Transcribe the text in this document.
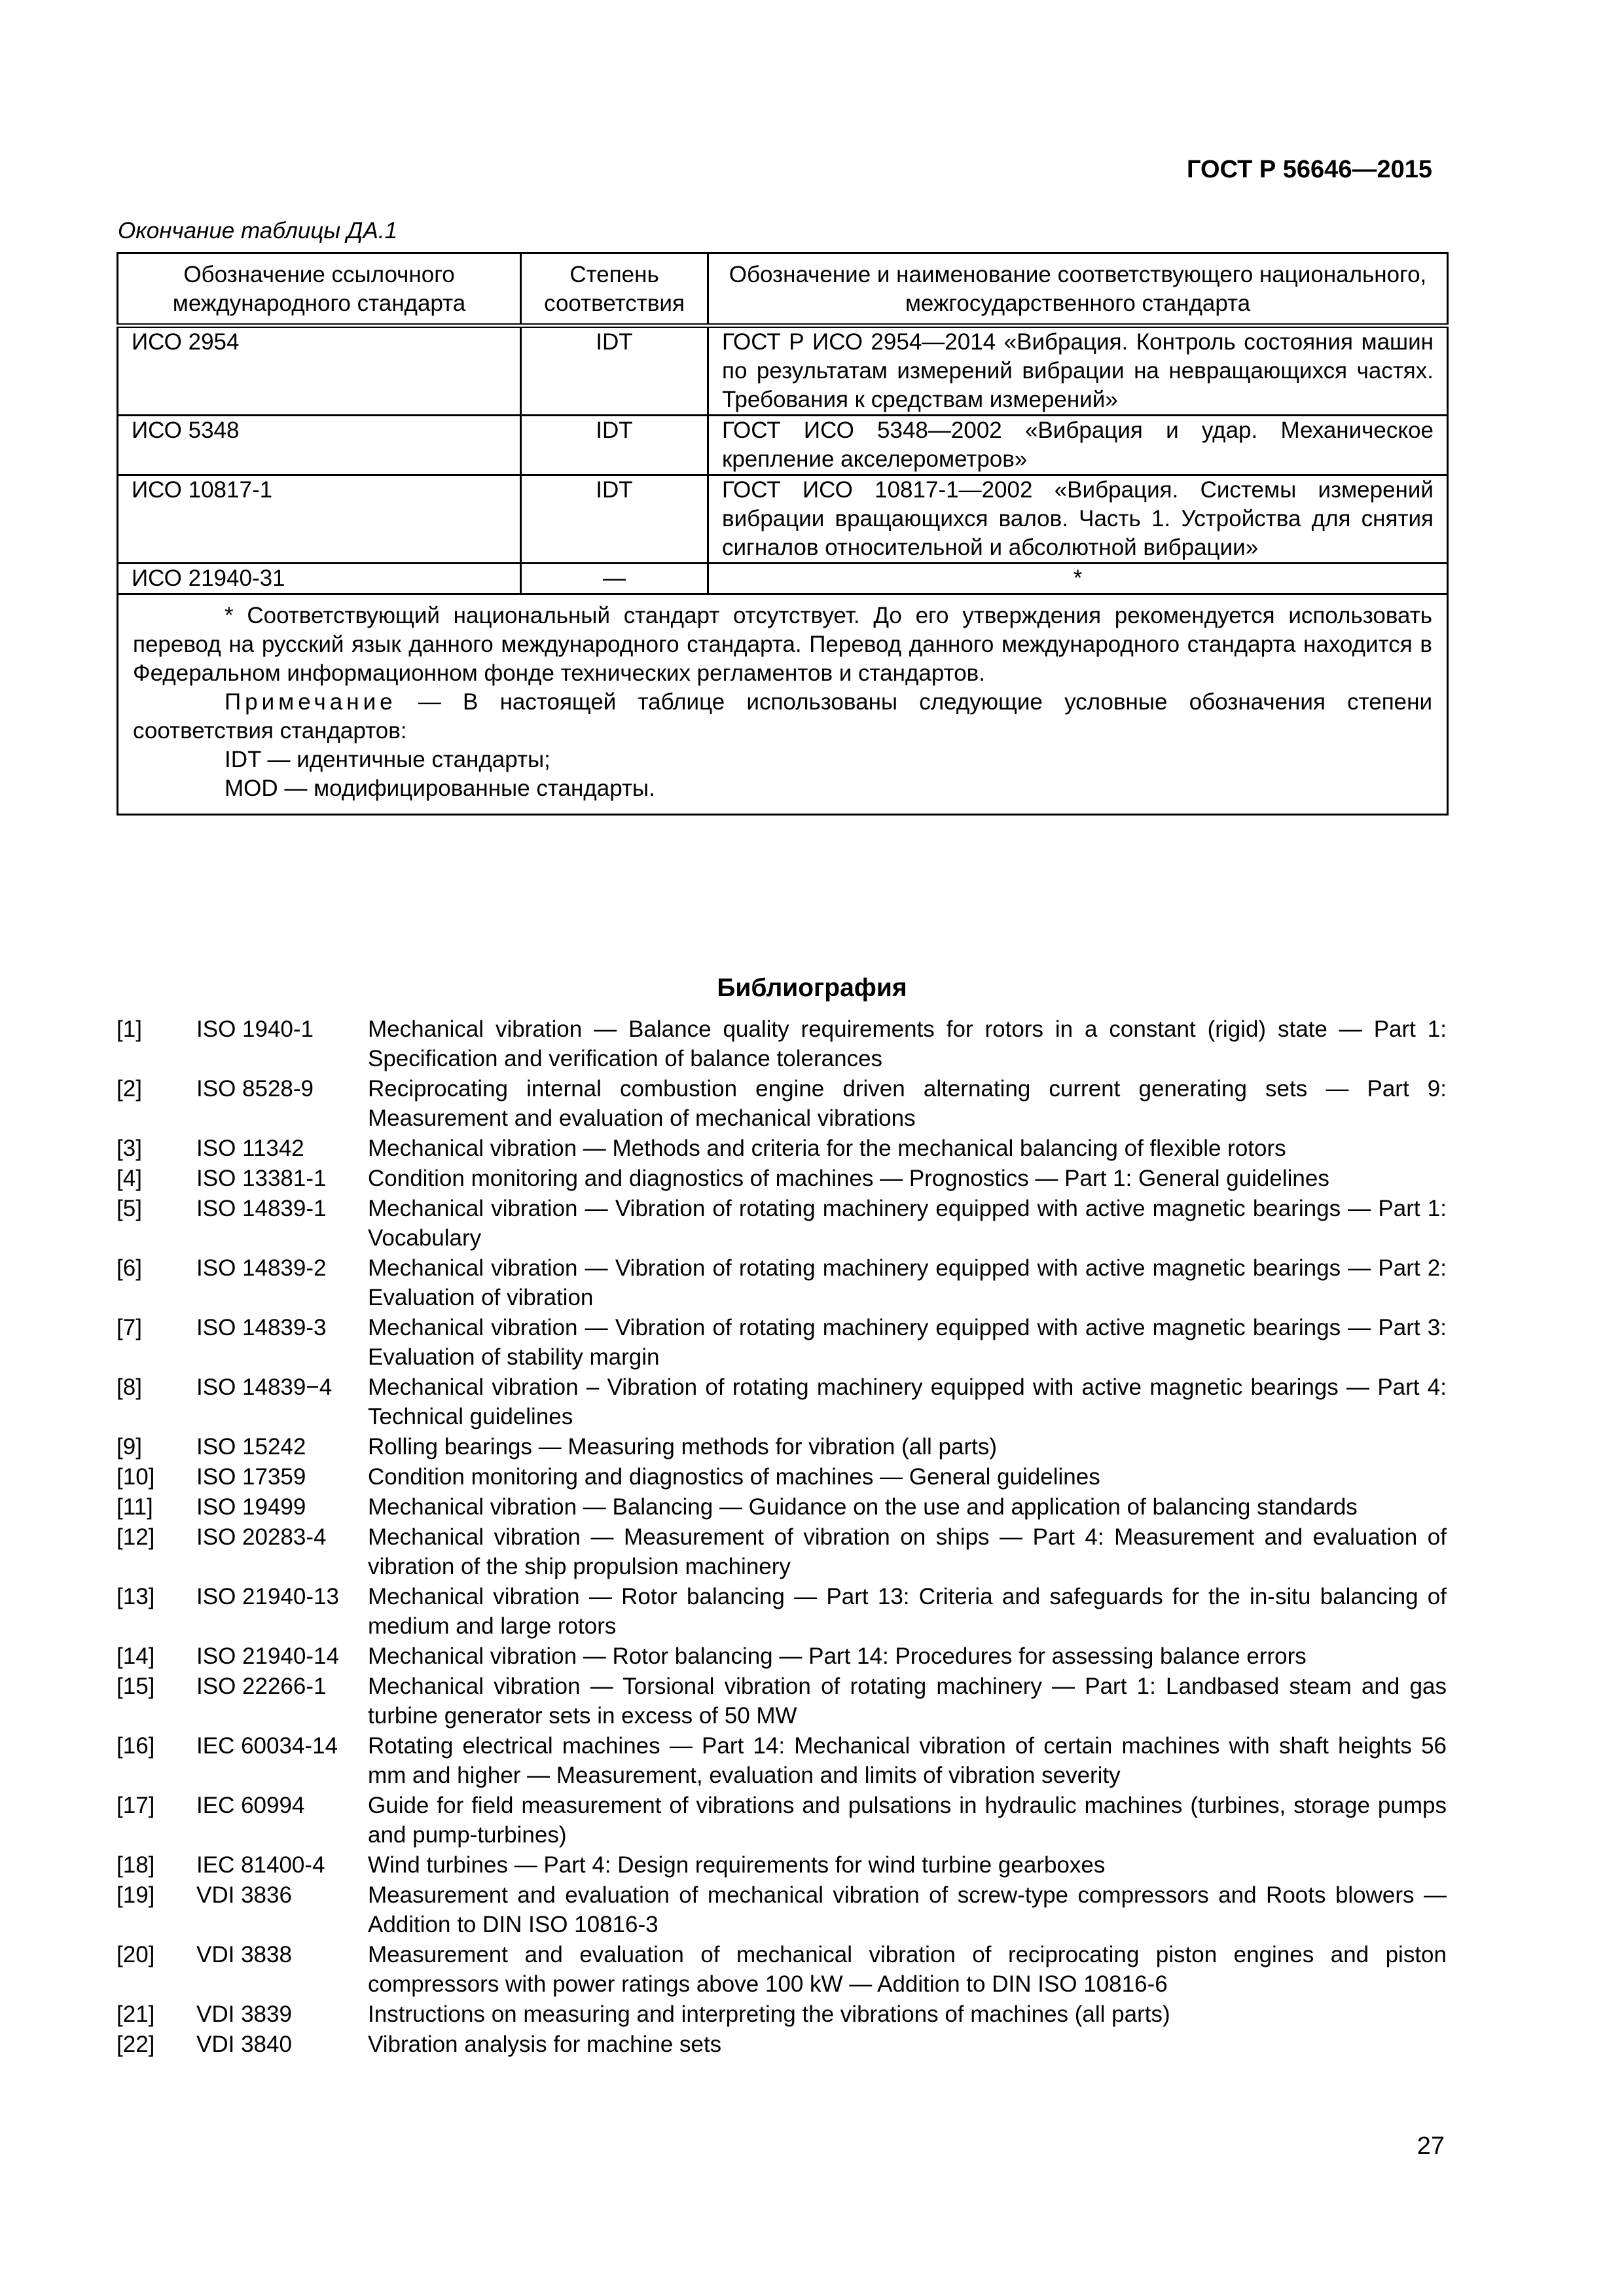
ГОСТ Р 56646—2015
Окончание таблицы ДА.1
Обозначение ссылочного международного стандарта	Степень соответствия	Обозначение и наименование соответствующего национального, межгосударственного стандарта
ИСО 2954	IDT	ГОСТ Р ИСО 2954—2014 «Вибрация. Контроль состояния машин по результатам измерений вибрации на невращающихся частях. Требования к средствам измерений»
ИСО 5348	IDT	ГОСТ ИСО 5348—2002 «Вибрация и удар. Механическое крепление акселерометров»
ИСО 10817-1	IDT	ГОСТ ИСО 10817-1—2002 «Вибрация. Системы измерений вибрации вращающихся валов. Часть 1. Устройства для снятия сигналов относительной и абсолютной вибрации»
ИСО 21940-31	—	*

* Соответствующий национальный стандарт отсутствует. До его утверждения рекомендуется использовать перевод на русский язык данного международного стандарта. Перевод данного международного стандарта находится в Федеральном информационном фонде технических регламентов и стандартов.

Примечание — В настоящей таблице использованы следующие условные обозначения степени соответствия стандартов:

IDT — идентичные стандарты;

MOD — модифицированные стандарты.		

Библиография
[1]	ISO 1940-1	Mechanical vibration — Balance quality requirements for rotors in a constant (rigid) state — Part 1: Specification and verification of balance tolerances
[2]	ISO 8528-9	Reciprocating internal combustion engine driven alternating current generating sets — Part 9: Measurement and evaluation of mechanical vibrations
[3]	ISO 11342	Mechanical vibration — Methods and criteria for the mechanical balancing of flexible rotors
[4]	ISO 13381-1	Condition monitoring and diagnostics of machines — Prognostics — Part 1: General guidelines
[5]	ISO 14839-1	Mechanical vibration — Vibration of rotating machinery equipped with active magnetic bearings — Part 1: Vocabulary
[6]	ISO 14839-2	Mechanical vibration — Vibration of rotating machinery equipped with active magnetic bearings — Part 2: Evaluation of vibration
[7]	ISO 14839-3	Mechanical vibration — Vibration of rotating machinery equipped with active magnetic bearings — Part 3: Evaluation of stability margin
[8]	ISO 14839−4	Mechanical vibration – Vibration of rotating machinery equipped with active magnetic bearings — Part 4: Technical guidelines
[9]	ISO 15242	Rolling bearings — Measuring methods for vibration (all parts)
[10]	ISO 17359	Condition monitoring and diagnostics of machines — General guidelines
[11]	ISO 19499	Mechanical vibration — Balancing — Guidance on the use and application of balancing standards
[12]	ISO 20283-4	Mechanical vibration — Measurement of vibration on ships — Part 4: Measurement and evaluation of vibration of the ship propulsion machinery
[13]	ISO 21940-13	Mechanical vibration — Rotor balancing — Part 13: Criteria and safeguards for the in-situ balancing of medium and large rotors
[14]	ISO 21940-14	Mechanical vibration — Rotor balancing — Part 14: Procedures for assessing balance errors
[15]	ISO 22266-1	Mechanical vibration — Torsional vibration of rotating machinery — Part 1: Landbased steam and gas turbine generator sets in excess of 50 MW
[16]	IEC 60034-14	Rotating electrical machines — Part 14: Mechanical vibration of certain machines with shaft heights 56 mm and higher — Measurement, evaluation and limits of vibration severity
[17]	IEC 60994	Guide for field measurement of vibrations and pulsations in hydraulic machines (turbines, storage pumps and pump-turbines)
[18]	IEC 81400-4	Wind turbines — Part 4: Design requirements for wind turbine gearboxes
[19]	VDI 3836	Measurement and evaluation of mechanical vibration of screw-type compressors and Roots blowers — Addition to DIN ISO 10816-3
[20]	VDI 3838	Measurement and evaluation of mechanical vibration of reciprocating piston engines and piston compressors with power ratings above 100 kW — Addition to DIN ISO 10816-6
[21]	VDI 3839	Instructions on measuring and interpreting the vibrations of machines (all parts)
[22]	VDI 3840	Vibration analysis for machine sets
27
